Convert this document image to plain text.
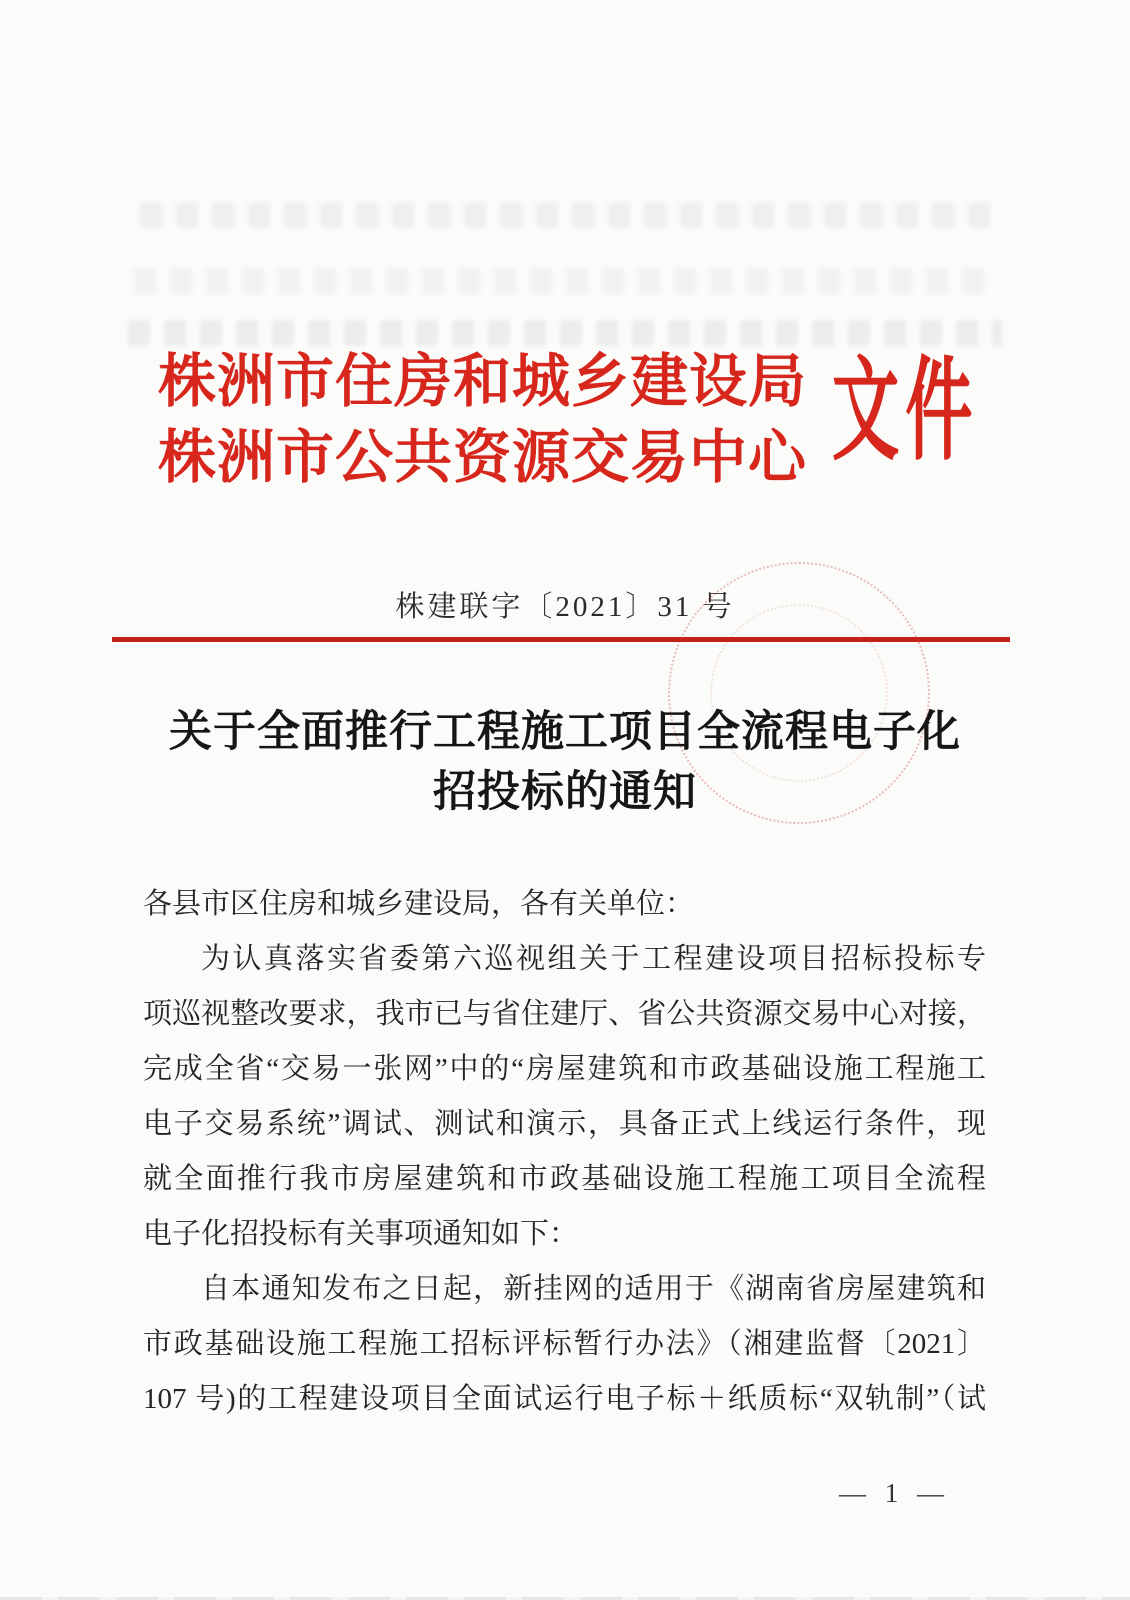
株洲市住房和城乡建设局
株洲市公共资源交易中心 文件
株建联字〔2021〕31 号
关于全面推行工程施工项目全流程电子化
招投标的通知
各县市区住房和城乡建设局，各有关单位：
为认真落实省委第六巡视组关于工程建设项目招标投标专
项巡视整改要求，我市已与省住建厅、省公共资源交易中心对接，
完成全省“交易一张网”中的“房屋建筑和市政基础设施工程施工
电子交易系统”调试、测试和演示，具备正式上线运行条件，现
就全面推行我市房屋建筑和市政基础设施工程施工项目全流程
电子化招投标有关事项通知如下：
自本通知发布之日起，新挂网的适用于《湖南省房屋建筑和
市政基础设施工程施工招标评标暂行办法》（湘建监督〔2021〕
107 号)的工程建设项目全面试运行电子标＋纸质标“双轨制”（试
— 1 —
